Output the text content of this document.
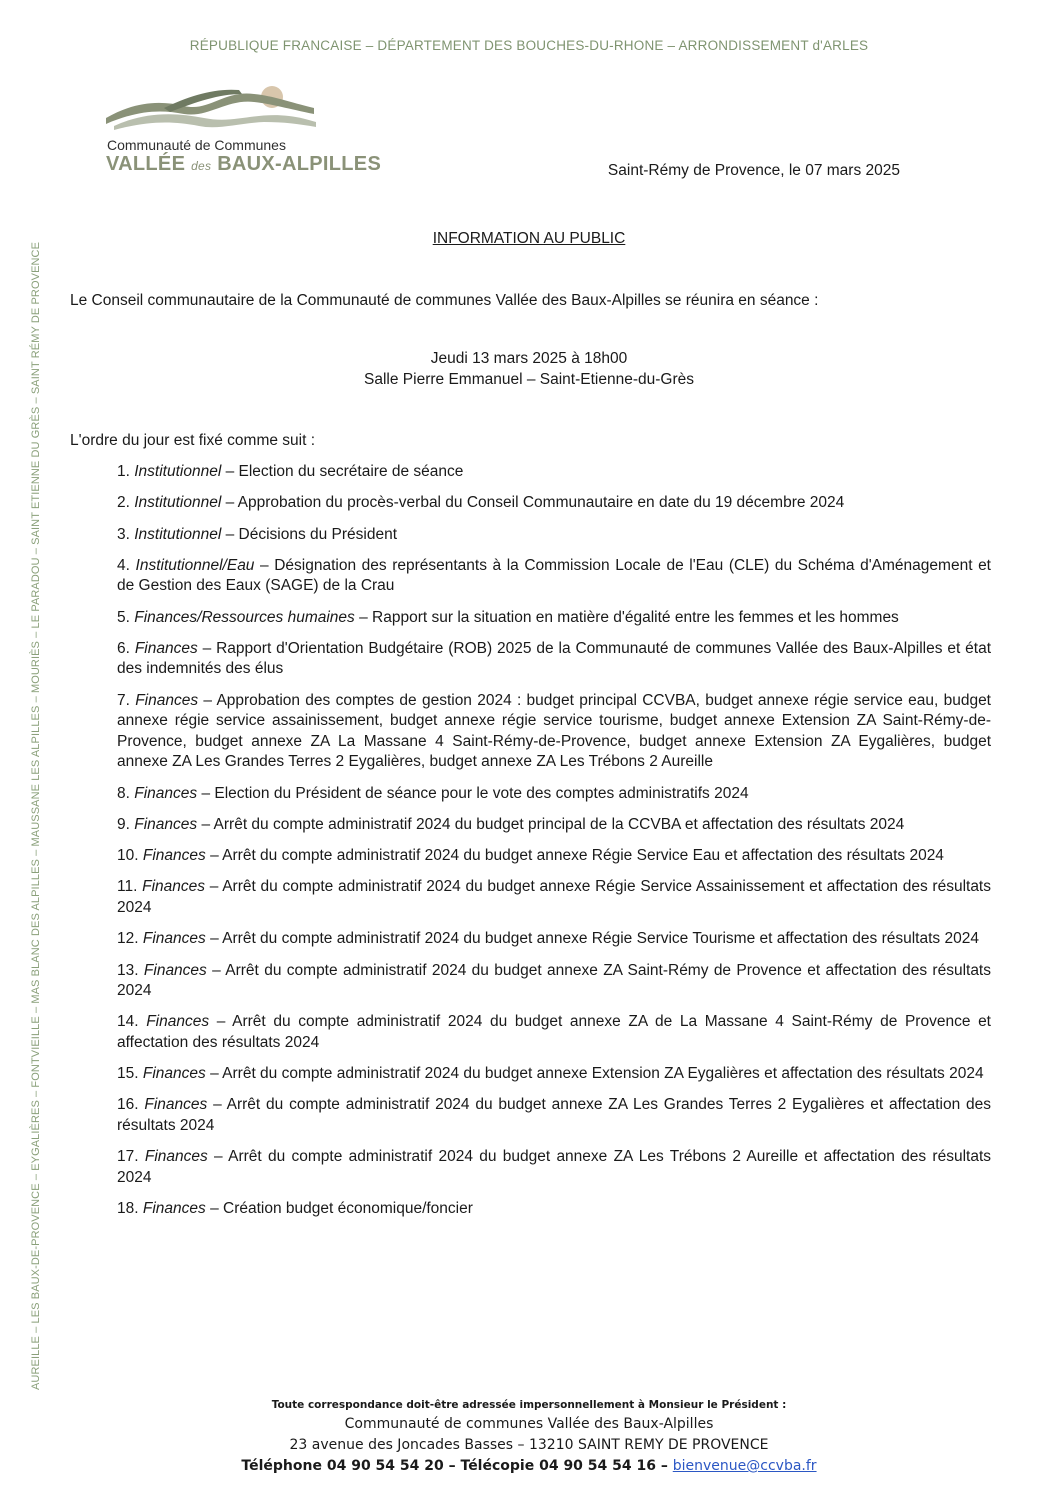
RÉPUBLIQUE FRANCAISE – DÉPARTEMENT DES BOUCHES-DU-RHONE – ARRONDISSEMENT d'ARLES
Communauté de Communes
VALLÉE des BAUX-ALPILLES
AUREILLE – LES BAUX-DE-PROVENCE – EYGALIÈRES – FONTVIEILLE – MAS BLANC DES ALPILLES – MAUSSANE LES ALPILLES – MOURIÈS – LE PARADOU – SAINT ETIENNE DU GRÈS – SAINT RÉMY DE PROVENCE
Saint-Rémy de Provence, le 07 mars 2025
INFORMATION AU PUBLIC
Le Conseil communautaire de la Communauté de communes Vallée des Baux-Alpilles se réunira en séance :
Jeudi 13 mars 2025 à 18h00
Salle Pierre Emmanuel – Saint-Etienne-du-Grès
L'ordre du jour est fixé comme suit :
1. Institutionnel – Election du secrétaire de séance
2. Institutionnel – Approbation du procès-verbal du Conseil Communautaire en date du 19 décembre 2024
3. Institutionnel – Décisions du Président
4. Institutionnel/Eau – Désignation des représentants à la Commission Locale de l'Eau (CLE) du Schéma d'Aménagement et de Gestion des Eaux (SAGE) de la Crau
5. Finances/Ressources humaines – Rapport sur la situation en matière d'égalité entre les femmes et les hommes
6. Finances – Rapport d'Orientation Budgétaire (ROB) 2025 de la Communauté de communes Vallée des Baux-Alpilles et état des indemnités des élus
7. Finances – Approbation des comptes de gestion 2024 : budget principal CCVBA, budget annexe régie service eau, budget annexe régie service assainissement, budget annexe régie service tourisme, budget annexe Extension ZA Saint-Rémy-de-Provence, budget annexe ZA La Massane 4 Saint-Rémy-de-Provence, budget annexe Extension ZA Eygalières, budget annexe ZA Les Grandes Terres 2 Eygalières, budget annexe ZA Les Trébons 2 Aureille
8. Finances – Election du Président de séance pour le vote des comptes administratifs 2024
9. Finances – Arrêt du compte administratif 2024 du budget principal de la CCVBA et affectation des résultats 2024
10. Finances – Arrêt du compte administratif 2024 du budget annexe Régie Service Eau et affectation des résultats 2024
11. Finances – Arrêt du compte administratif 2024 du budget annexe Régie Service Assainissement et affectation des résultats 2024
12. Finances – Arrêt du compte administratif 2024 du budget annexe Régie Service Tourisme et affectation des résultats 2024
13. Finances – Arrêt du compte administratif 2024 du budget annexe ZA Saint-Rémy de Provence et affectation des résultats 2024
14. Finances – Arrêt du compte administratif 2024 du budget annexe ZA de La Massane 4 Saint-Rémy de Provence et affectation des résultats 2024
15. Finances – Arrêt du compte administratif 2024 du budget annexe Extension ZA Eygalières et affectation des résultats 2024
16. Finances – Arrêt du compte administratif 2024 du budget annexe ZA Les Grandes Terres 2 Eygalières et affectation des résultats 2024
17. Finances – Arrêt du compte administratif 2024 du budget annexe ZA Les Trébons 2 Aureille et affectation des résultats 2024
18. Finances – Création budget économique/foncier
Toute correspondance doit-être adressée impersonnellement à Monsieur le Président :
Communauté de communes Vallée des Baux-Alpilles
23 avenue des Joncades Basses – 13210 SAINT REMY DE PROVENCE
Téléphone 04 90 54 54 20 – Télécopie 04 90 54 54 16 – bienvenue@ccvba.fr
